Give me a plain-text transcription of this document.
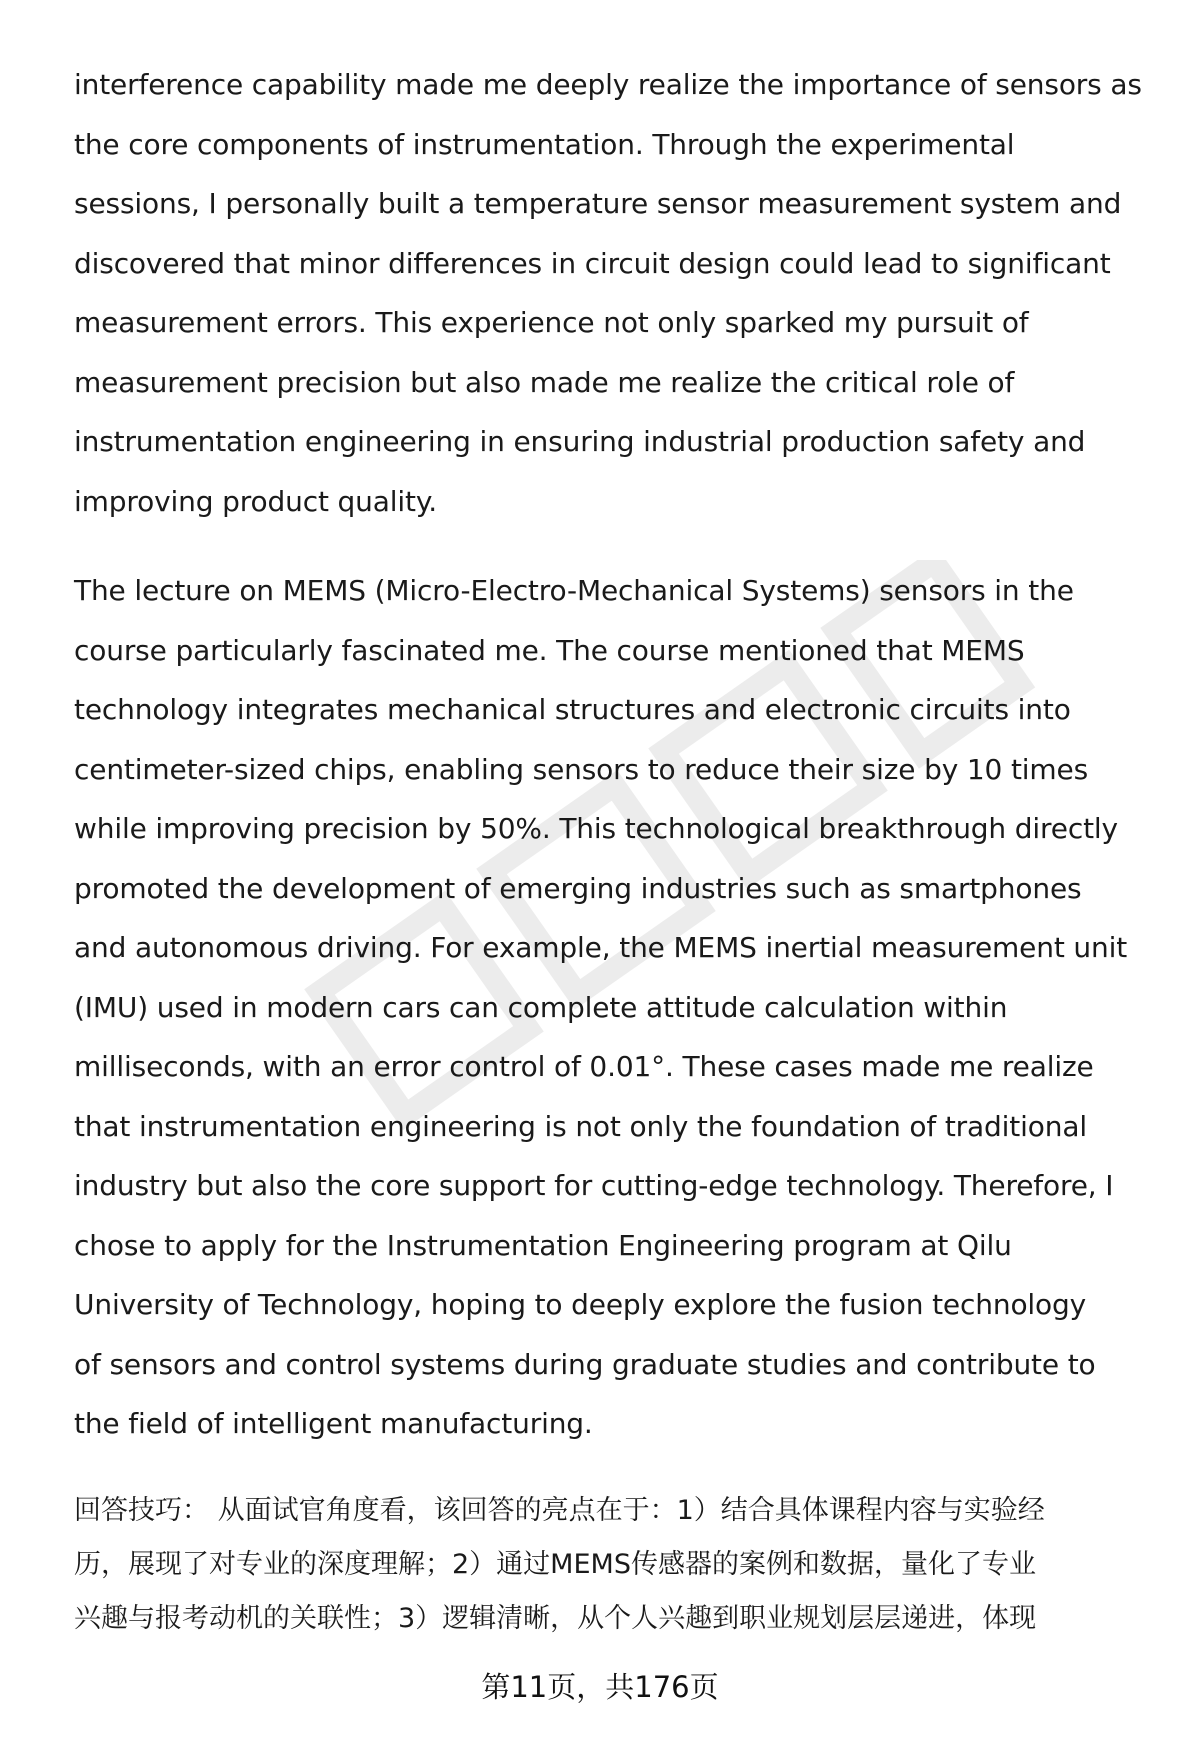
interference capability made me deeply realize the importance of sensors as
the core components of instrumentation. Through the experimental
sessions, I personally built a temperature sensor measurement system and
discovered that minor differences in circuit design could lead to significant
measurement errors. This experience not only sparked my pursuit of
measurement precision but also made me realize the critical role of
instrumentation engineering in ensuring industrial production safety and
improving product quality.
The lecture on MEMS (Micro-Electro-Mechanical Systems) sensors in the
course particularly fascinated me. The course mentioned that MEMS
technology integrates mechanical structures and electronic circuits into
centimeter-sized chips, enabling sensors to reduce their size by 10 times
while improving precision by 50%. This technological breakthrough directly
promoted the development of emerging industries such as smartphones
and autonomous driving. For example, the MEMS inertial measurement unit
(IMU) used in modern cars can complete attitude calculation within
milliseconds, with an error control of 0.01°. These cases made me realize
that instrumentation engineering is not only the foundation of traditional
industry but also the core support for cutting-edge technology. Therefore, I
chose to apply for the Instrumentation Engineering program at Qilu
University of Technology, hoping to deeply explore the fusion technology
of sensors and control systems during graduate studies and contribute to
the field of intelligent manufacturing.
回答技巧： 从面试官角度看，该回答的亮点在于：1）结合具体课程内容与实验经
历，展现了对专业的深度理解；2）通过MEMS传感器的案例和数据，量化了专业
兴趣与报考动机的关联性；3）逻辑清晰，从个人兴趣到职业规划层层递进，体现
第11页，共176页
